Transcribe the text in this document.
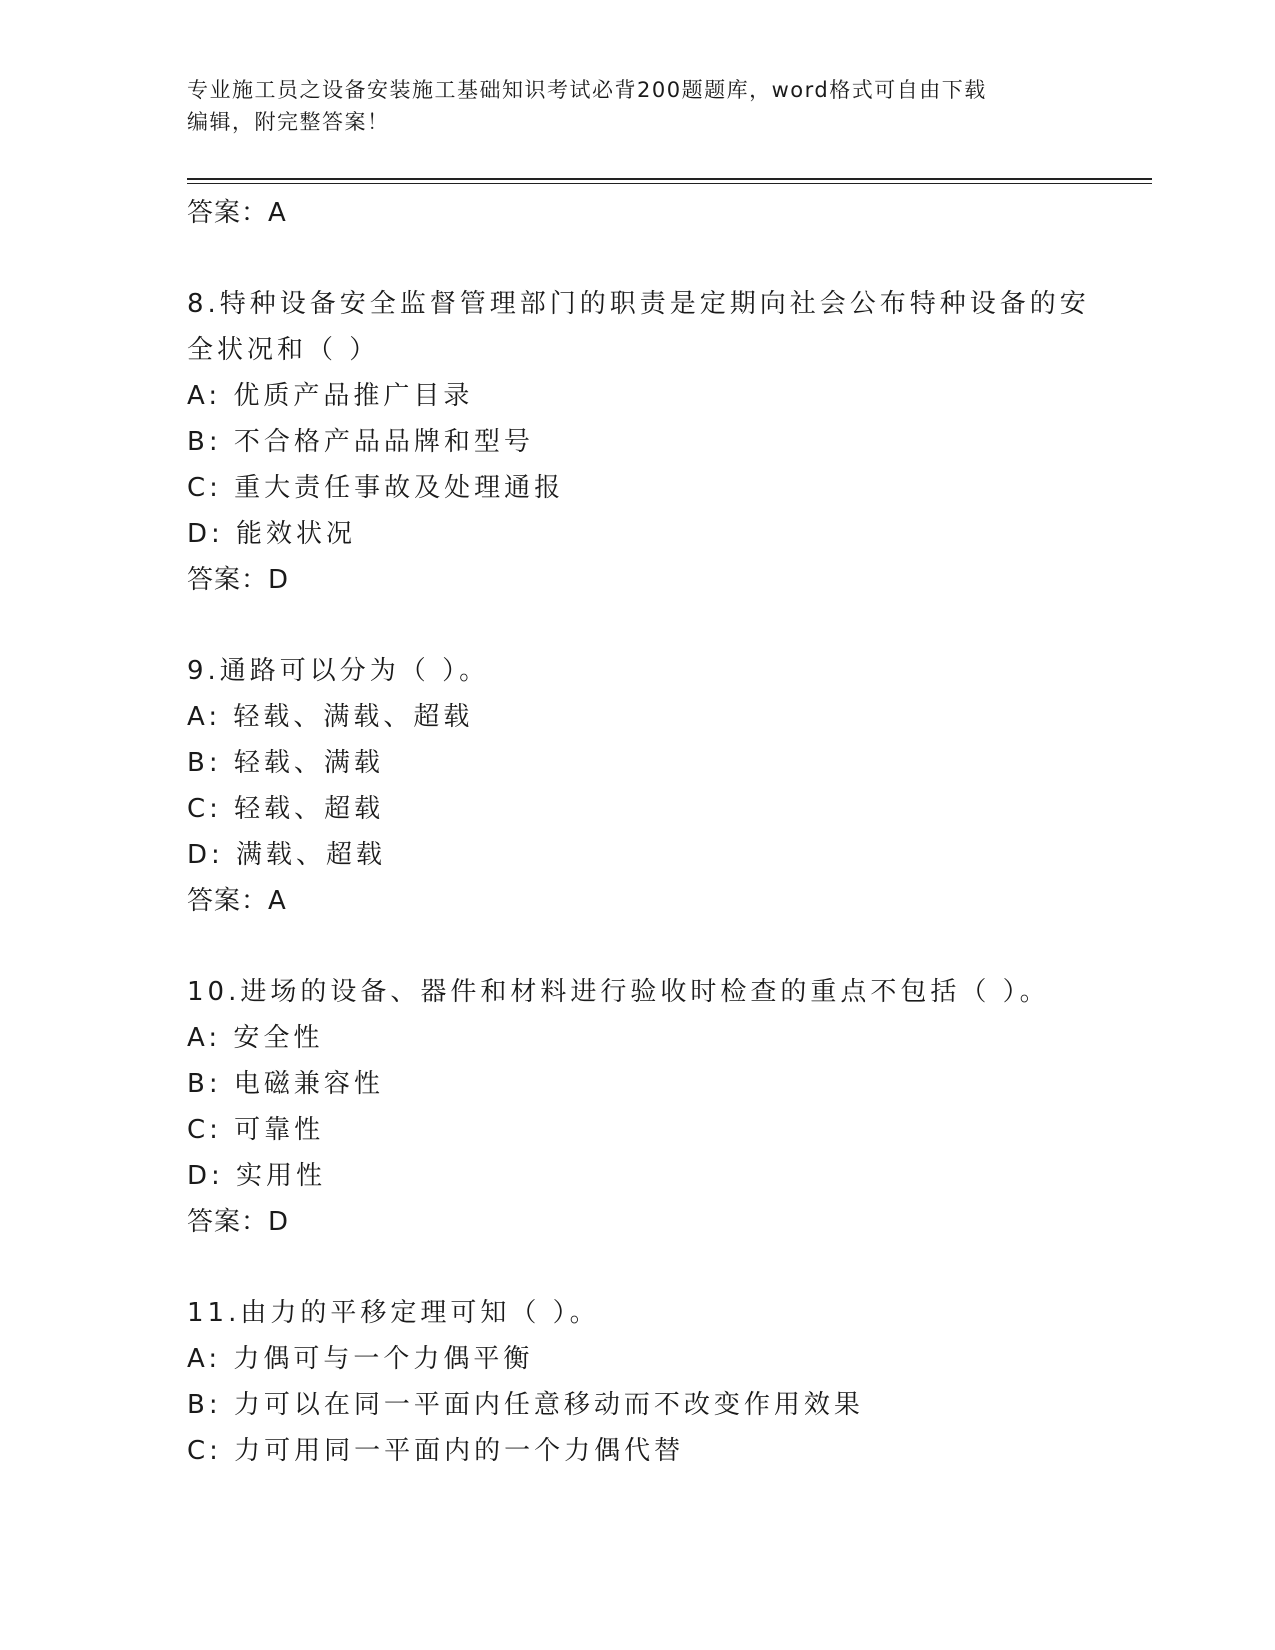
专业施工员之设备安装施工基础知识考试必背200题题库，word格式可自由下载
编辑，附完整答案！
答案：A
8.特种设备安全监督管理部门的职责是定期向社会公布特种设备的安
全状况和（ ）
A: 优质产品推广目录
B: 不合格产品品牌和型号
C: 重大责任事故及处理通报
D: 能效状况
答案：D
9.通路可以分为（ ）。
A: 轻载、满载、超载
B: 轻载、满载
C: 轻载、超载
D: 满载、超载
答案：A
10.进场的设备、器件和材料进行验收时检查的重点不包括（ ）。
A: 安全性
B: 电磁兼容性
C: 可靠性
D: 实用性
答案：D
11.由力的平移定理可知（ ）。
A: 力偶可与一个力偶平衡
B: 力可以在同一平面内任意移动而不改变作用效果
C: 力可用同一平面内的一个力偶代替
